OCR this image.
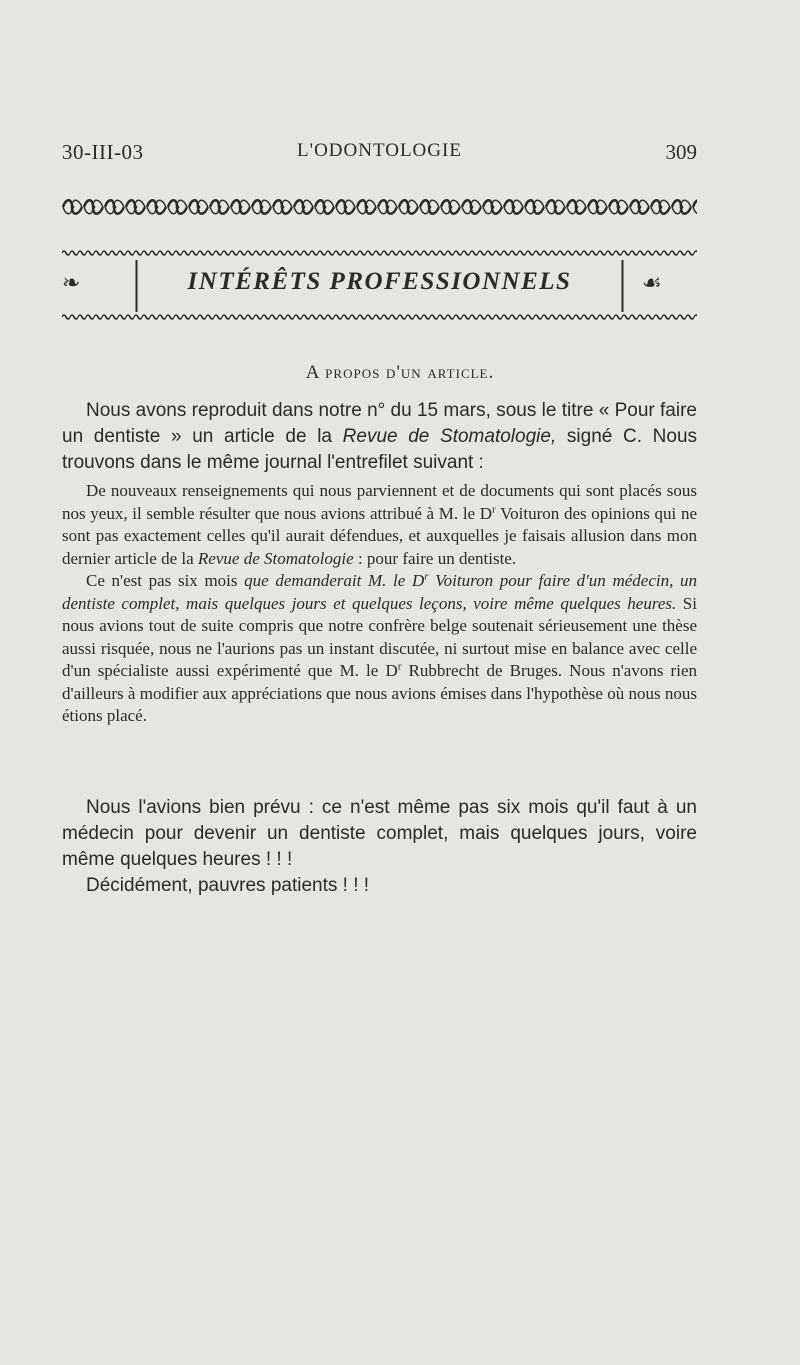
30-III-03	L'ODONTOLOGIE	309
❧	INTÉRÊTS PROFESSIONNELS	☙
A propos d'un article.
Nous avons reproduit dans notre n° du 15 mars, sous le titre « Pour faire un dentiste » un article de la Revue de Stomatologie, signé C. Nous trouvons dans le même journal l'entrefilet suivant :

De nouveaux renseignements qui nous parviennent et de documents qui sont placés sous nos yeux, il semble résulter que nous avions attribué à M. le $D^r$ Voituron des opinions qui ne sont pas exactement celles qu'il aurait défendues, et auxquelles je faisais allusion dans mon dernier article de la Revue de Stomatologie : pour faire un dentiste.

Ce n'est pas six mois que demanderait M. le $D^r$ Voituron pour faire d'un médecin, un dentiste complet, mais quelques jours et quelques leçons, voire même quelques heures. Si nous avions tout de suite compris que notre confrère belge soutenait sérieusement une thèse aussi risquée, nous ne l'aurions pas un instant discutée, ni surtout mise en balance avec celle d'un spécialiste aussi expérimenté que M. le $D^r$ Rubbrecht de Bruges. Nous n'avons rien d'ailleurs à modifier aux appréciations que nous avions émises dans l'hypothèse où nous nous étions placé.

Nous l'avions bien prévu : ce n'est même pas six mois qu'il faut à un médecin pour devenir un dentiste complet, mais quelques jours, voire même quelques heures ! ! !

Décidément, pauvres patients ! ! !
